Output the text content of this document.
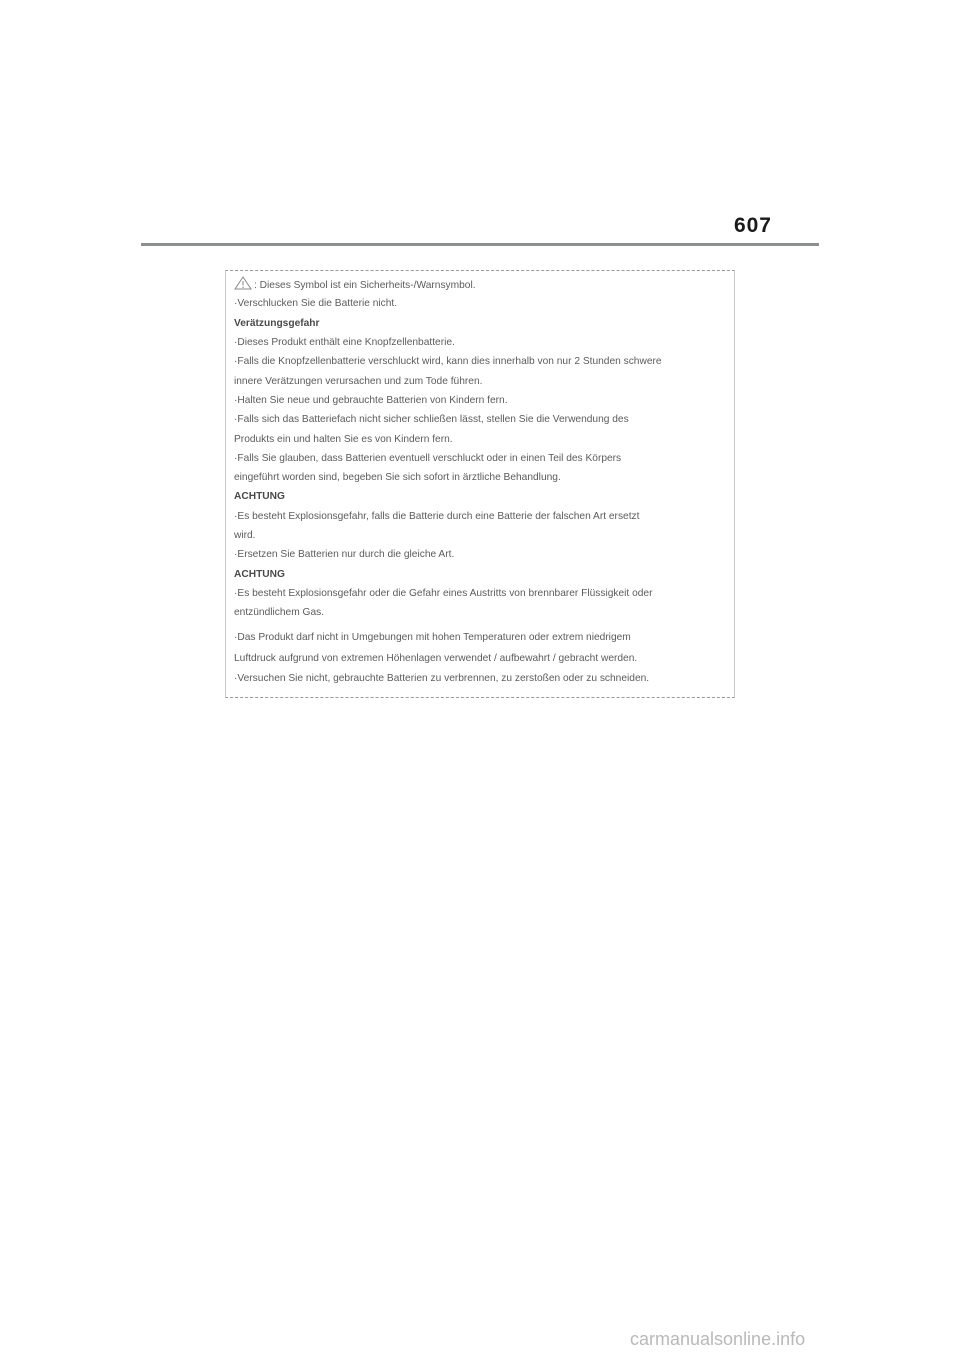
607
: Dieses Symbol ist ein Sicherheits-/Warnsymbol.
·Verschlucken Sie die Batterie nicht.
Verätzungsgefahr
·Dieses Produkt enthält eine Knopfzellenbatterie.
·Falls die Knopfzellenbatterie verschluckt wird, kann dies innerhalb von nur 2 Stunden schwere
innere Verätzungen verursachen und zum Tode führen.
·Halten Sie neue und gebrauchte Batterien von Kindern fern.
·Falls sich das Batteriefach nicht sicher schließen lässt, stellen Sie die Verwendung des
Produkts ein und halten Sie es von Kindern fern.
·Falls Sie glauben, dass Batterien eventuell verschluckt oder in einen Teil des Körpers
eingeführt worden sind, begeben Sie sich sofort in ärztliche Behandlung.
ACHTUNG
·Es besteht Explosionsgefahr, falls die Batterie durch eine Batterie der falschen Art ersetzt
wird.
·Ersetzen Sie Batterien nur durch die gleiche Art.
ACHTUNG
·Es besteht Explosionsgefahr oder die Gefahr eines Austritts von brennbarer Flüssigkeit oder
entzündlichem Gas.
·Das Produkt darf nicht in Umgebungen mit hohen Temperaturen oder extrem niedrigem
Luftdruck aufgrund von extremen Höhenlagen verwendet / aufbewahrt / gebracht werden.
·Versuchen Sie nicht, gebrauchte Batterien zu verbrennen, zu zerstoßen oder zu schneiden.
carmanualsonline.info
